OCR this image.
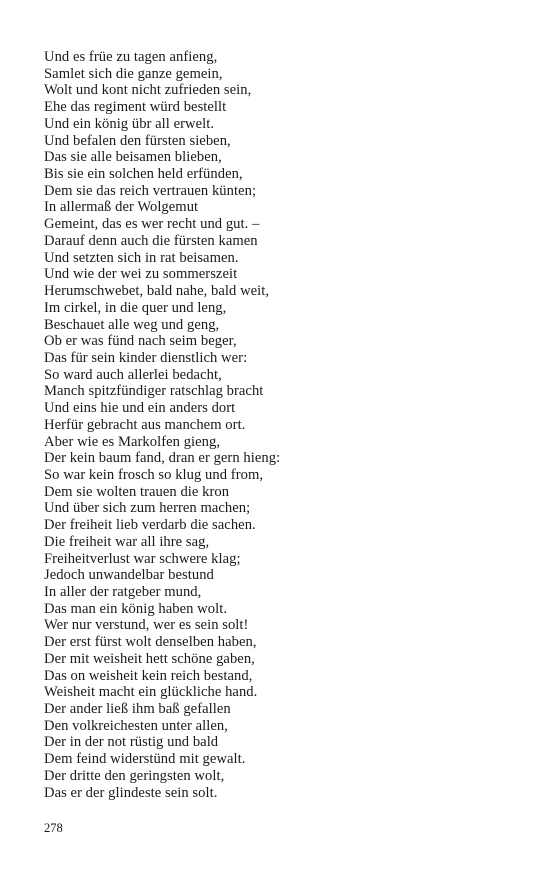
Und es früe zu tagen anfieng,
Samlet sich die ganze gemein,
Wolt und kont nicht zufrieden sein,
Ehe das regiment würd bestellt
Und ein könig übr all erwelt.
Und befalen den fürsten sieben,
Das sie alle beisamen blieben,
Bis sie ein solchen held erfünden,
Dem sie das reich vertrauen künten;
In allermaß der Wolgemut
Gemeint, das es wer recht und gut. –
Darauf denn auch die fürsten kamen
Und setzten sich in rat beisamen.
Und wie der wei zu sommerszeit
Herumschwebet, bald nahe, bald weit,
Im cirkel, in die quer und leng,
Beschauet alle weg und geng,
Ob er was fünd nach seim beger,
Das für sein kinder dienstlich wer:
So ward auch allerlei bedacht,
Manch spitzfündiger ratschlag bracht
Und eins hie und ein anders dort
Herfür gebracht aus manchem ort.
Aber wie es Markolfen gieng,
Der kein baum fand, dran er gern hieng:
So war kein frosch so klug und from,
Dem sie wolten trauen die kron
Und über sich zum herren machen;
Der freiheit lieb verdarb die sachen.
Die freiheit war all ihre sag,
Freiheitverlust war schwere klag;
Jedoch unwandelbar bestund
In aller der ratgeber mund,
Das man ein könig haben wolt.
Wer nur verstund, wer es sein solt!
Der erst fürst wolt denselben haben,
Der mit weisheit hett schöne gaben,
Das on weisheit kein reich bestand,
Weisheit macht ein glückliche hand.
Der ander ließ ihm baß gefallen
Den volkreichesten unter allen,
Der in der not rüstig und bald
Dem feind widerstünd mit gewalt.
Der dritte den geringsten wolt,
Das er der glindeste sein solt.
278
